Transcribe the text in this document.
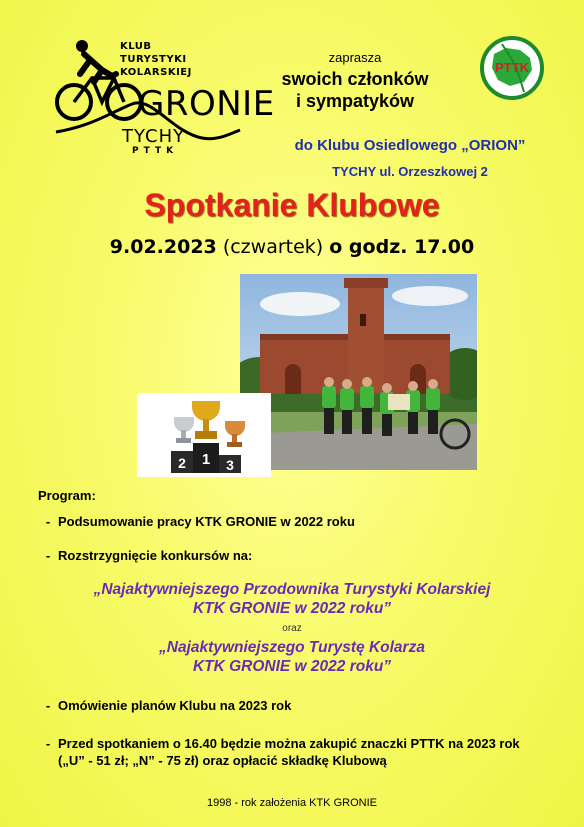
KLUB
TURYSTYKI
KOLARSKIEJ
GRONIE
TYCHY
PTTK
zaprasza
swoich członków
i sympatyków
PTTK
do Klubu Osiedlowego „ORION”
TYCHY ul. Orzeszkowej 2
Spotkanie Klubowe
9.02.2023 (czwartek) o godz. 17.00
2	1	3
Program:
- Podsumowanie pracy KTK GRONIE w 2022 roku
- Rozstrzygnięcie konkursów na:
„Najaktywniejszego Przodownika Turystyki Kolarskiej
KTK GRONIE w 2022 roku”
oraz
„Najaktywniejszego Turystę Kolarza
KTK GRONIE w 2022 roku”
- Omówienie planów Klubu na 2023 rok
- Przed spotkaniem o 16.40 będzie można zakupić znaczki PTTK na 2023 rok
(„U” - 51 zł; „N” - 75 zł) oraz opłacić składkę Klubową
1998 - rok założenia KTK GRONIE
